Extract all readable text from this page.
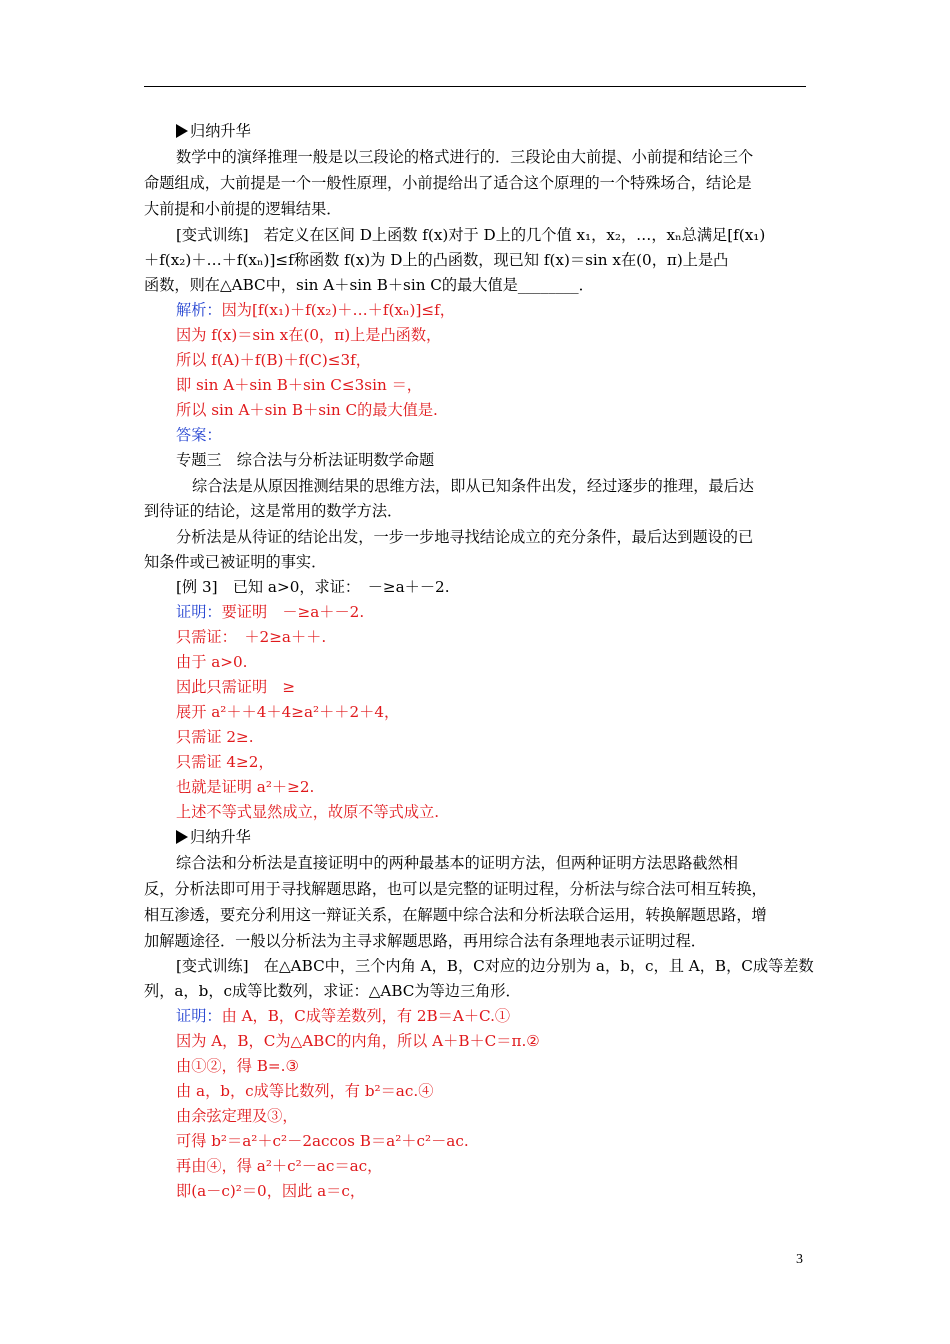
归纳升华
数学中的演绎推理一般是以三段论的格式进行的．三段论由大前提、小前提和结论三个
命题组成，大前提是一个一般性原理，小前提给出了适合这个原理的一个特殊场合，结论是
大前提和小前提的逻辑结果．
[变式训练]　若定义在区间 D上函数 f(x)对于 D上的几个值 x₁，x₂，…，xₙ总满足[f(x₁)
＋f(x₂)＋…＋f(xₙ)]≤f称函数 f(x)为 D上的凸函数，现已知 f(x)＝sin x在(0，π)上是凸
函数，则在△ABC中，sin A＋sin B＋sin C的最大值是________．
解析：因为[f(x₁)＋f(x₂)＋…＋f(xₙ)]≤f，
因为 f(x)＝sin x在(0，π)上是凸函数，
所以 f(A)＋f(B)＋f(C)≤3f，
即 sin A＋sin B＋sin C≤3sin ＝，
所以 sin A＋sin B＋sin C的最大值是.
答案：
专题三　综合法与分析法证明数学命题
综合法是从原因推测结果的思维方法，即从已知条件出发，经过逐步的推理，最后达
到待证的结论，这是常用的数学方法．
分析法是从待证的结论出发，一步一步地寻找结论成立的充分条件，最后达到题设的已
知条件或已被证明的事实．
[例 3]　已知 a>0，求证：　－≥a＋－2.
证明：要证明　－≥a＋－2.
只需证：　＋2≥a＋＋.
由于 a>0.
因此只需证明　≥
展开 a²＋＋4＋4≥a²＋＋2＋4，
只需证 2≥.
只需证 4≥2，
也就是证明 a²＋≥2.
上述不等式显然成立，故原不等式成立.
归纳升华
综合法和分析法是直接证明中的两种最基本的证明方法，但两种证明方法思路截然相
反，分析法即可用于寻找解题思路，也可以是完整的证明过程，分析法与综合法可相互转换，
相互渗透，要充分利用这一辩证关系，在解题中综合法和分析法联合运用，转换解题思路，增
加解题途径．一般以分析法为主寻求解题思路，再用综合法有条理地表示证明过程．
[变式训练]　在△ABC中，三个内角 A，B，C对应的边分别为 a，b，c，且 A，B，C成等差数
列，a，b，c成等比数列，求证：△ABC为等边三角形．
证明：由 A，B，C成等差数列，有 2B＝A＋C.①
因为 A，B，C为△ABC的内角，所以 A＋B＋C＝π.②
由①②，得 B=.③
由 a，b，c成等比数列，有 b²＝ac.④
由余弦定理及③，
可得 b²＝a²＋c²－2accos B＝a²＋c²－ac.
再由④，得 a²＋c²－ac＝ac，
即(a－c)²＝0，因此 a＝c，
3
